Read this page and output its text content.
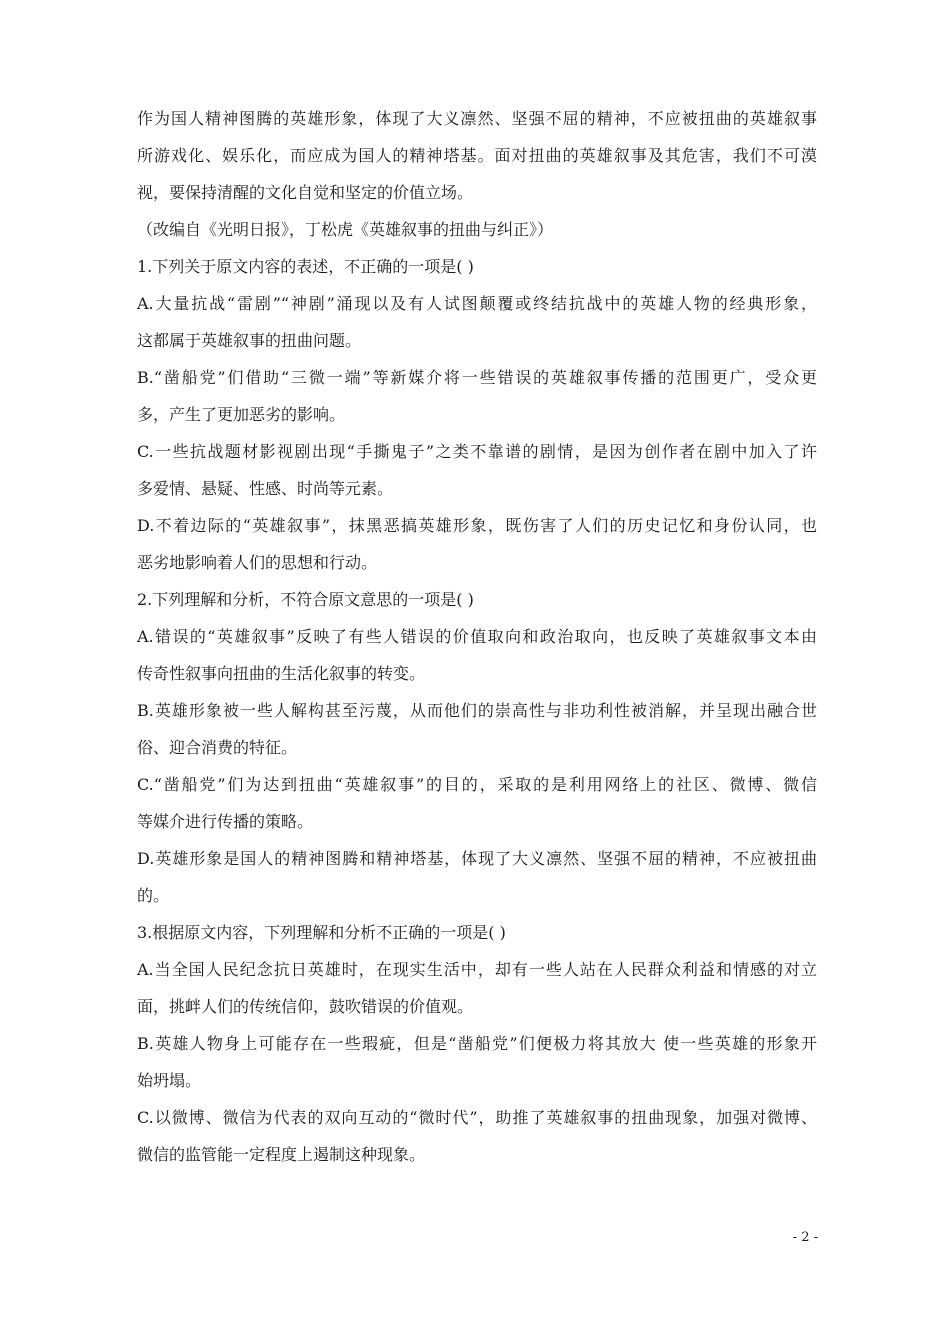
作为国人精神图腾的英雄形象，体现了大义凛然、坚强不屈的精神，不应被扭曲的英雄叙事
所游戏化、娱乐化，而应成为国人的精神塔基。面对扭曲的英雄叙事及其危害，我们不可漠
视，要保持清醒的文化自觉和坚定的价值立场。
（改编自《光明日报》，丁松虎《英雄叙事的扭曲与纠正》）
1.下列关于原文内容的表述，不正确的一项是( )
A.大量抗战“雷剧”“神剧”涌现以及有人试图颠覆或终结抗战中的英雄人物的经典形象，
这都属于英雄叙事的扭曲问题。
B.“凿船党”们借助“三微一端”等新媒介将一些错误的英雄叙事传播的范围更广，受众更
多，产生了更加恶劣的影响。
C.一些抗战题材影视剧出现“手撕鬼子”之类不靠谱的剧情，是因为创作者在剧中加入了许
多爱情、悬疑、性感、时尚等元素。
D.不着边际的“英雄叙事”，抹黑恶搞英雄形象，既伤害了人们的历史记忆和身份认同，也
恶劣地影响着人们的思想和行动。
2.下列理解和分析，不符合原文意思的一项是( )
A.错误的“英雄叙事”反映了有些人错误的价值取向和政治取向，也反映了英雄叙事文本由
传奇性叙事向扭曲的生活化叙事的转变。
B.英雄形象被一些人解构甚至污蔑，从而他们的崇高性与非功利性被消解，并呈现出融合世
俗、迎合消费的特征。
C.“凿船党”们为达到扭曲“英雄叙事”的目的，采取的是利用网络上的社区、微博、微信
等媒介进行传播的策略。
D.英雄形象是国人的精神图腾和精神塔基，体现了大义凛然、坚强不屈的精神，不应被扭曲
的。
3.根据原文内容，下列理解和分析不正确的一项是( )
A.当全国人民纪念抗日英雄时，在现实生活中，却有一些人站在人民群众利益和情感的对立
面，挑衅人们的传统信仰，鼓吹错误的价值观。
B.英雄人物身上可能存在一些瑕疵，但是“凿船党”们便极力将其放大 使一些英雄的形象开
始坍塌。
C.以微博、微信为代表的双向互动的“微时代”，助推了英雄叙事的扭曲现象，加强对微博、
微信的监管能一定程度上遏制这种现象。
- 2 -
